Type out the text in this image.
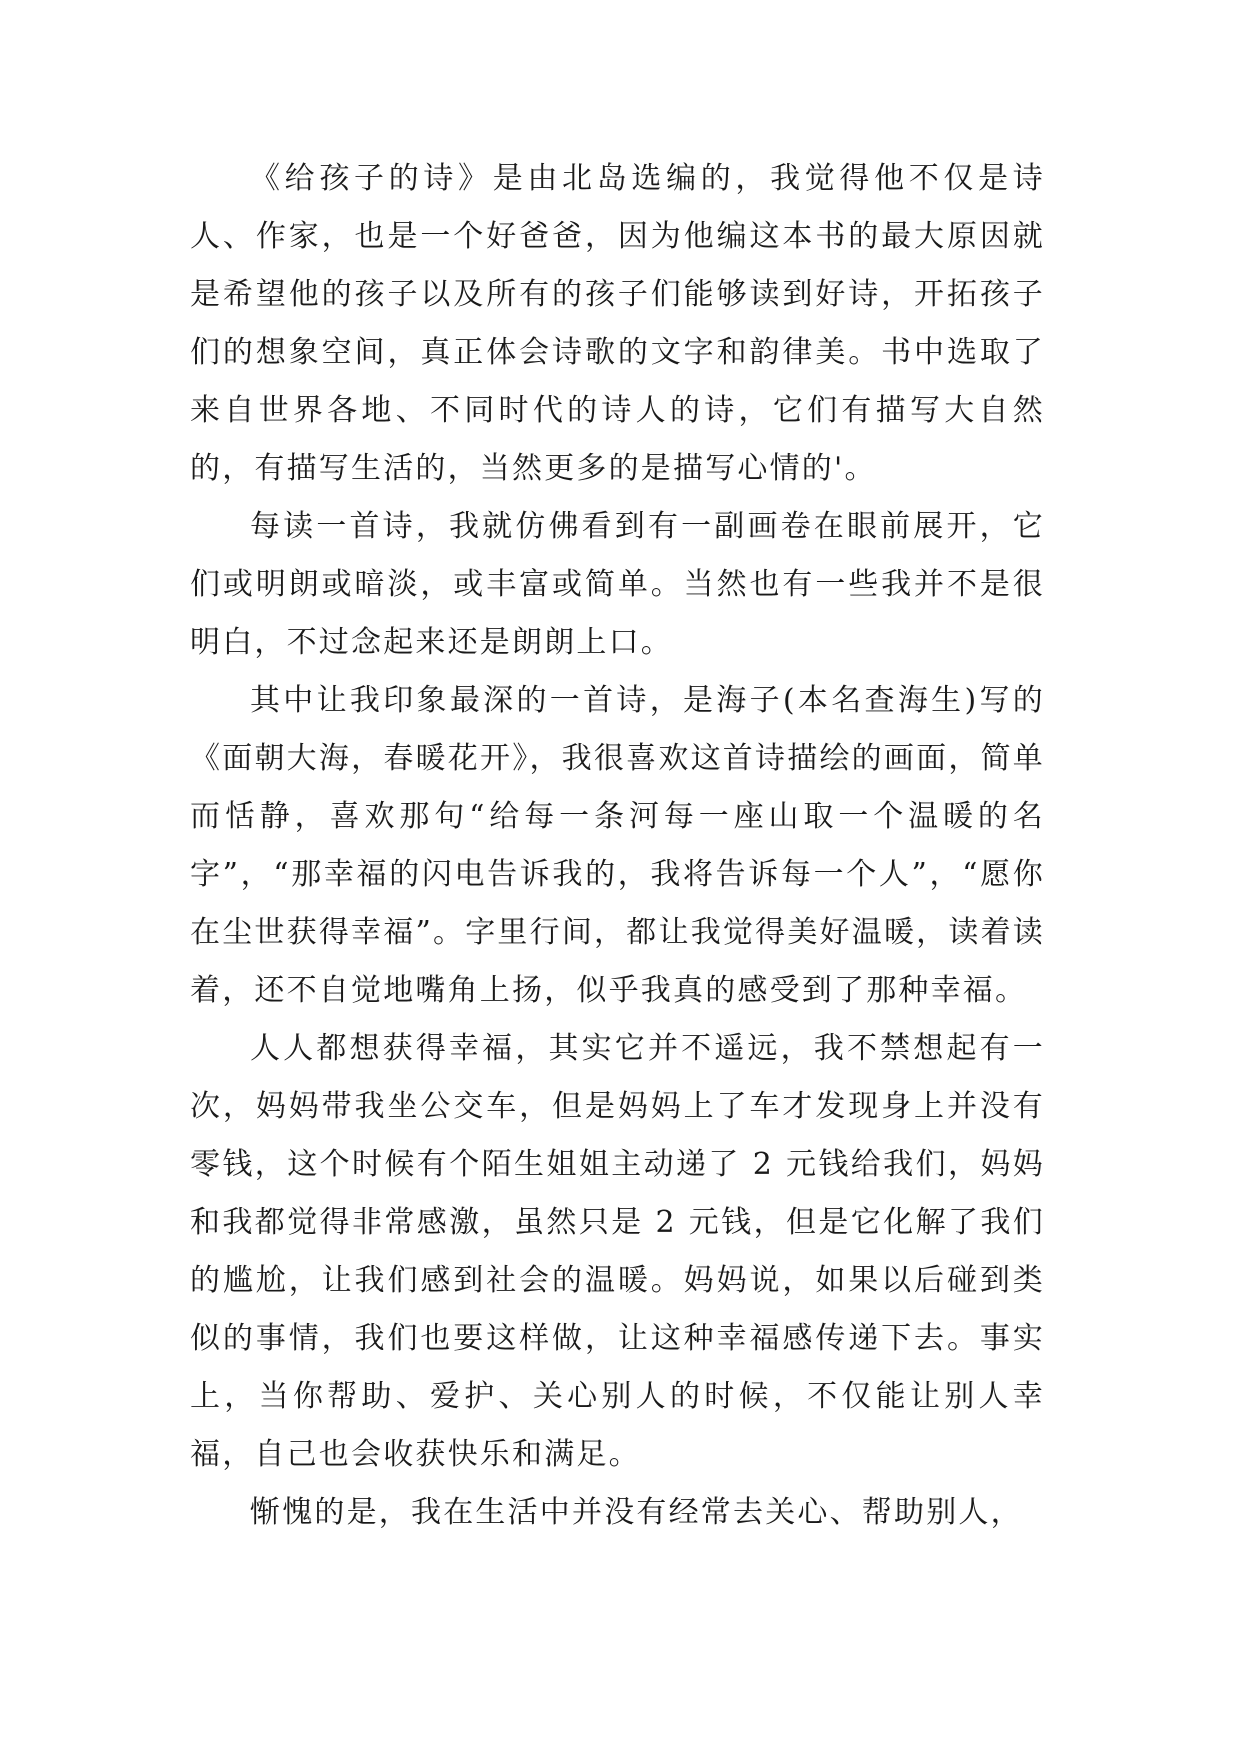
《给孩子的诗》是由北岛选编的，我觉得他不仅是诗人、作家，也是一个好爸爸，因为他编这本书的最大原因就是希望他的孩子以及所有的孩子们能够读到好诗，开拓孩子们的想象空间，真正体会诗歌的文字和韵律美。书中选取了来自世界各地、不同时代的诗人的诗，它们有描写大自然的，有描写生活的，当然更多的是描写心情的'。

每读一首诗，我就仿佛看到有一副画卷在眼前展开，它们或明朗或暗淡，或丰富或简单。当然也有一些我并不是很明白，不过念起来还是朗朗上口。

其中让我印象最深的一首诗，是海子(本名查海生)写的《面朝大海，春暖花开》，我很喜欢这首诗描绘的画面，简单而恬静，喜欢那句“给每一条河每一座山取一个温暖的名字”，“那幸福的闪电告诉我的，我将告诉每一个人”，“愿你在尘世获得幸福”。字里行间，都让我觉得美好温暖，读着读着，还不自觉地嘴角上扬，似乎我真的感受到了那种幸福。

人人都想获得幸福，其实它并不遥远，我不禁想起有一次，妈妈带我坐公交车，但是妈妈上了车才发现身上并没有零钱，这个时候有个陌生姐姐主动递了 2 元钱给我们，妈妈和我都觉得非常感激，虽然只是 2 元钱，但是它化解了我们的尴尬，让我们感到社会的温暖。妈妈说，如果以后碰到类似的事情，我们也要这样做，让这种幸福感传递下去。事实上，当你帮助、爱护、关心别人的时候，不仅能让别人幸福，自己也会收获快乐和满足。

惭愧的是，我在生活中并没有经常去关心、帮助别人，
